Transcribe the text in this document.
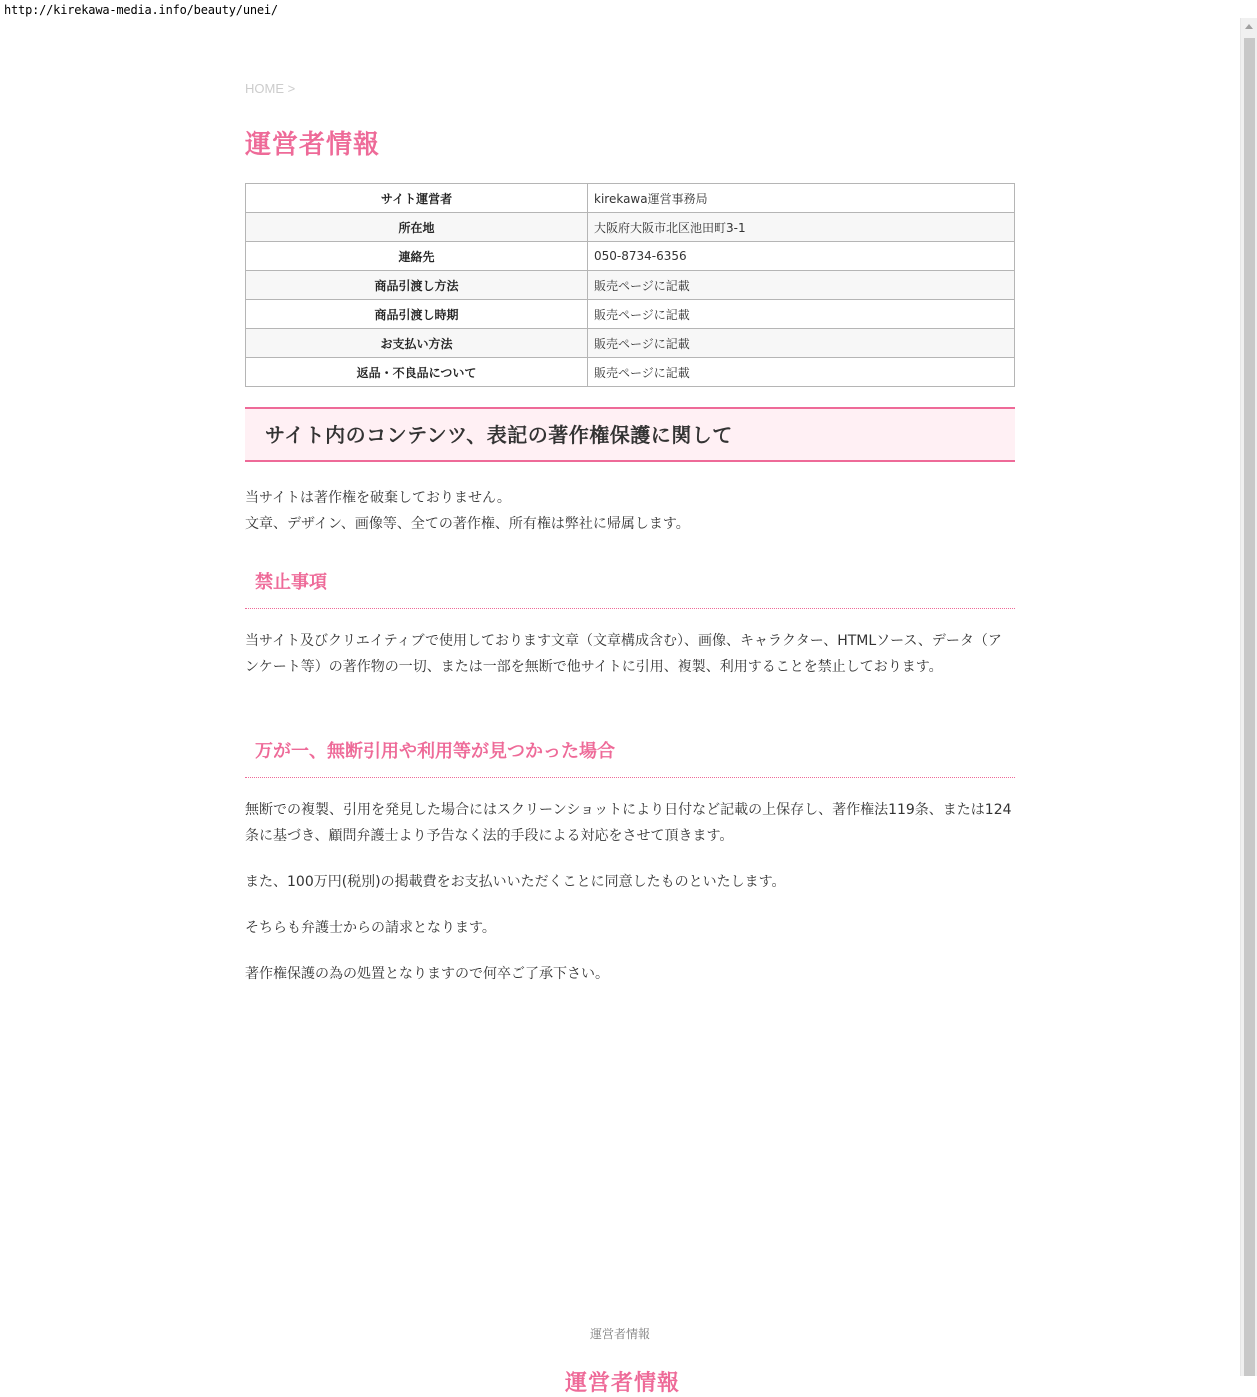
http://kirekawa-media.info/beauty/unei/
HOME >
運営者情報
サイト運営者	kirekawa運営事務局
所在地	大阪府大阪市北区池田町3-1
連絡先	050-8734-6356
商品引渡し方法	販売ページに記載
商品引渡し時期	販売ページに記載
お支払い方法	販売ページに記載
返品・不良品について	販売ページに記載
サイト内のコンテンツ、表記の著作権保護に関して

当サイトは著作権を破棄しておりません。
文章、デザイン、画像等、全ての著作権、所有権は弊社に帰属します。

禁止事項

当サイト及びクリエイティブで使用しております文章（文章構成含む）、画像、キャラクター、HTMLソース、データ（アンケート等）の著作物の一切、または一部を無断で他サイトに引用、複製、利用することを禁止しております。

万が一、無断引用や利用等が見つかった場合

無断での複製、引用を発見した場合にはスクリーンショットにより日付など記載の上保存し、著作権法119条、または124条に基づき、顧問弁護士より予告なく法的手段による対応をさせて頂きます。

また、100万円(税別)の掲載費をお支払いいただくことに同意したものといたします。

そちらも弁護士からの請求となります。

著作権保護の為の処置となりますので何卒ご了承下さい。

運営者情報
運営者情報
